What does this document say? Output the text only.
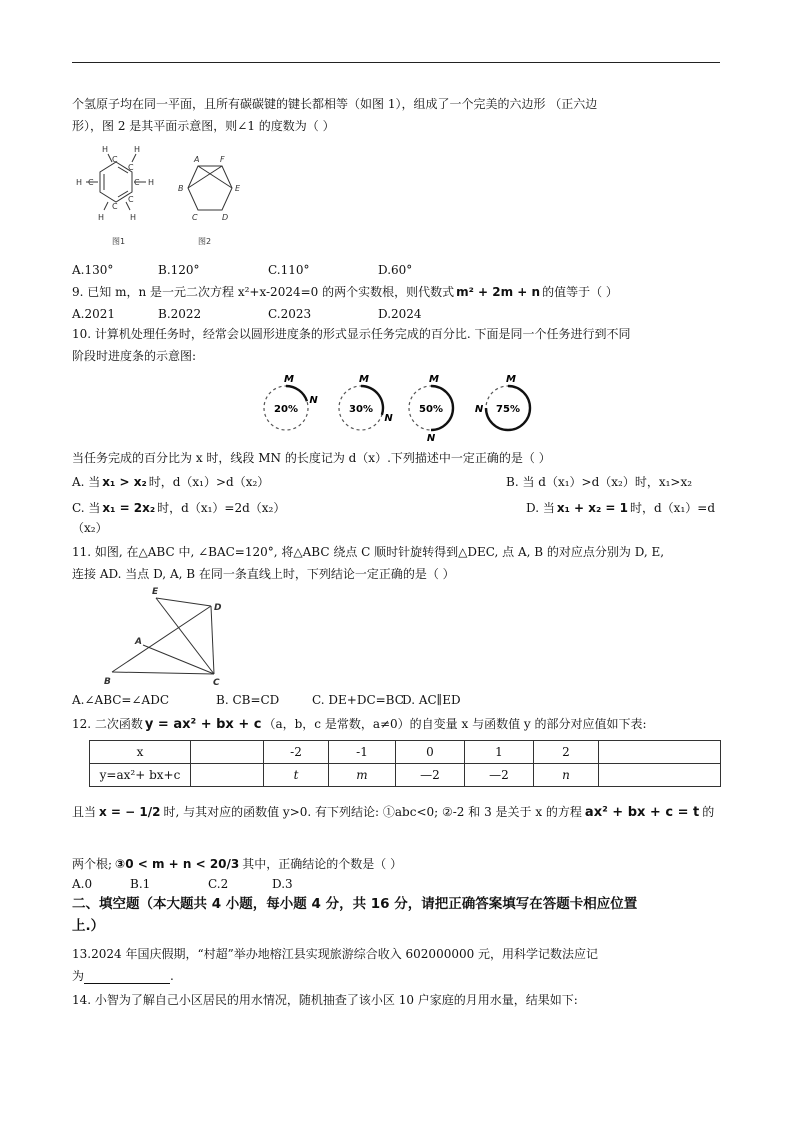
个氢原子均在同一平面，且所有碳碳键的键长都相等（如图 1），组成了一个完美的六边形 （正六边
形），图 2 是其平面示意图，则∠1 的度数为（ ）
H	H
C
C
H C	C H
C
C
H	H
图1
A	F
B	E
C	D
图2
A.130°	B.120°	C.110°	D.60°
9. 已知 m，n 是一元二次方程 x²+x-2024=0 的两个实数根，则代数式 m² + 2m + n 的值等于（ ）
A.2021	B.2022	C.2023	D.2024
10. 计算机处理任务时，经常会以圆形进度条的形式显示任务完成的百分比. 下面是同一个任务进行到不同
阶段时进度条的示意图:
20%
M
N
30%
M
N
50%
M
N
75%
M
N
当任务完成的百分比为 x 时，线段 MN 的长度记为 d（x）.下列描述中一定正确的是（ ）
A. 当 x₁ > x₂ 时，d（x₁）>d（x₂）	B. 当 d（x₁）>d（x₂）时，x₁>x₂
C. 当 x₁ = 2x₂ 时，d（x₁）=2d（x₂）	D. 当 x₁ + x₂ = 1 时，d（x₁）=d
（x₂）
11. 如图, 在△ABC 中, ∠BAC=120°, 将△ABC 绕点 C 顺时针旋转得到△DEC, 点 A, B 的对应点分别为 D, E,
连接 AD. 当点 D, A, B 在同一条直线上时，下列结论一定正确的是（ ）
E
D
A
B	C
A.∠ABC=∠ADC	B. CB=CD	C. DE+DC=BC
D. AC∥ED
12. 二次函数 y = ax² + bx + c （a，b，c 是常数，a≠0）的自变量 x 与函数值 y 的部分对应值如下表:
x		-2	-1	0	1	2	
y=ax²+ bx+c		t	m	—2	—2	n	
且当 x = − 1/2 时, 与其对应的函数值 y>0. 有下列结论: ①abc<0; ②-2 和 3 是关于 x 的方程 ax² + bx + c = t 的
两个根; ③0 < m + n < 20/3 其中，正确结论的个数是（ ）
A.0	B.1	C.2	D.3
二、填空题（本大题共 4 小题，每小题 4 分，共 16 分，请把正确答案填写在答题卡相应位置
上.）
13.2024 年国庆假期，“村超”举办地榕江县实现旅游综合收入 602000000 元，用科学记数法应记
为	.
14. 小智为了解自己小区居民的用水情况，随机抽查了该小区 10 户家庭的月用水量，结果如下:
